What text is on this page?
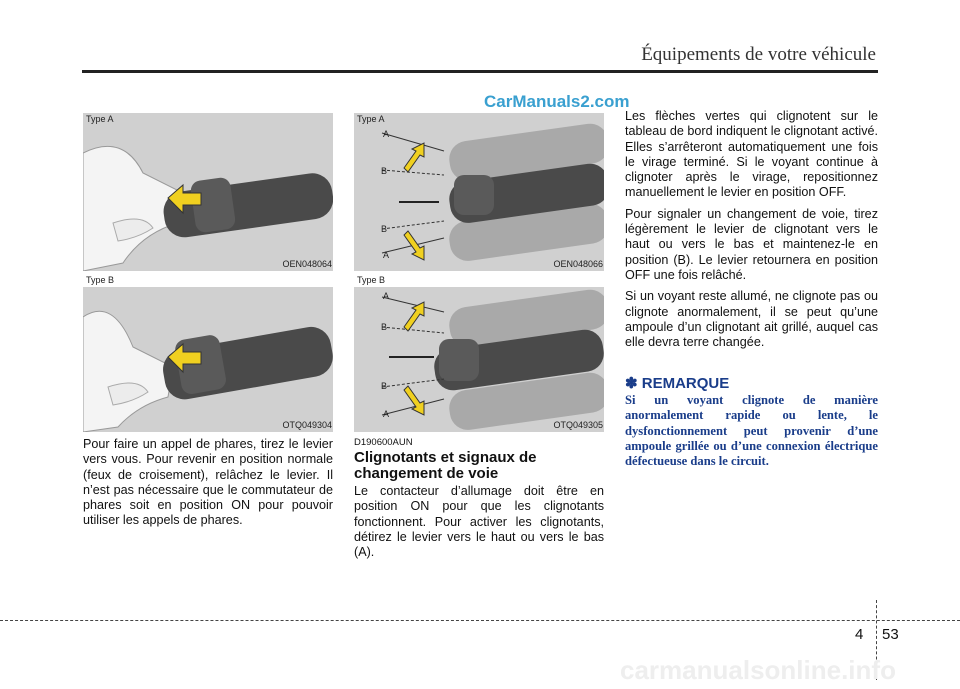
Équipements de votre véhicule
CarManuals2.com
Type A
OEN048064
Type B
OTQ049304
Pour faire un appel de phares, tirez le levier vers vous. Pour revenir en position normale (feux de croisement), relâchez le levier. Il n’est pas nécessaire que le commutateur de phares soit en position ON pour pouvoir utiliser les appels de phares.
Type A
A
B
B
A
OEN048066
Type B
A
B
B
A
OTQ049305
D190600AUN
Clignotants et signaux de changement de voie
Le contacteur d’allumage doit être en position ON pour que les clignotants fonctionnent. Pour activer les clignotants, détirez le levier vers le haut ou vers le bas (A).

Les flèches vertes qui clignotent sur le tableau de bord indiquent le clignotant activé. Elles s’arrêteront automatiquement une fois le virage terminé. Si le voyant continue à clignoter après le virage, repositionnez manuellement le levier en position OFF.

Pour signaler un changement de voie, tirez légèrement le levier de clignotant vers le haut ou vers le bas et maintenez-le en position (B). Le levier retournera en position OFF une fois relâché.

Si un voyant reste allumé, ne clignote pas ou clignote anormalement, il se peut qu’une ampoule d’un clignotant ait grillé, auquel cas elle devra terre changée.

✽ REMARQUE
Si un voyant clignote de manière anormalement rapide ou lente, le dysfonctionnement peut provenir d’une ampoule grillée ou d’une connexion électrique défectueuse dans le circuit.
4 53
carmanualsonline.info
